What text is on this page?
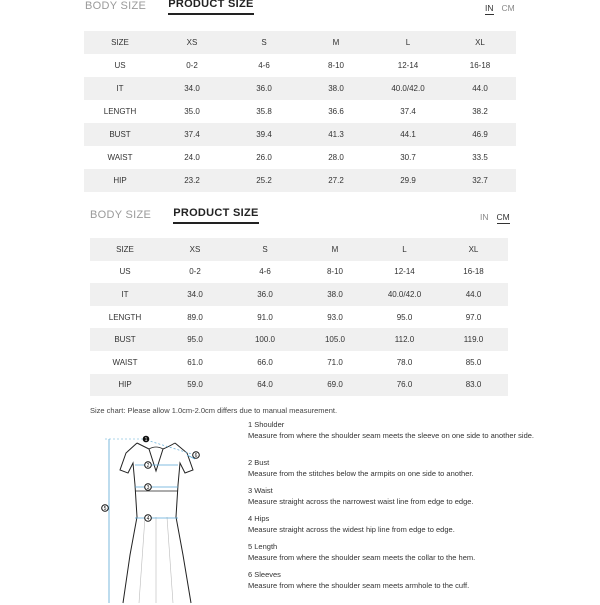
BODY SIZE PRODUCT SIZE	IN CM
SIZE	XS	S	M	L	XL
US	0-2	4-6	8-10	12-14	16-18
IT	34.0	36.0	38.0	40.0/42.0	44.0
LENGTH	35.0	35.8	36.6	37.4	38.2
BUST	37.4	39.4	41.3	44.1	46.9
WAIST	24.0	26.0	28.0	30.7	33.5
HIP	23.2	25.2	27.2	29.9	32.7
BODY SIZE PRODUCT SIZE	IN CM
SIZE	XS	S	M	L	XL
US	0-2	4-6	8-10	12-14	16-18
IT	34.0	36.0	38.0	40.0/42.0	44.0
LENGTH	89.0	91.0	93.0	95.0	97.0
BUST	95.0	100.0	105.0	112.0	119.0
WAIST	61.0	66.0	71.0	78.0	85.0
HIP	59.0	64.0	69.0	76.0	83.0
Size chart: Please allow 1.0cm-2.0cm differs due to manual measurement.
1
2
3
4
5
6
1 Shoulder
Measure from where the shoulder seam meets the sleeve on one side to another side.
2 Bust
Measure from the stitches below the armpits on one side to another.
3 Waist
Measure straight across the narrowest waist line from edge to edge.
4 Hips
Measure straight across the widest hip line from edge to edge.
5 Length
Measure from where the shoulder seam meets the collar to the hem.
6 Sleeves
Measure from where the shoulder seam meets armhole to the cuff.
